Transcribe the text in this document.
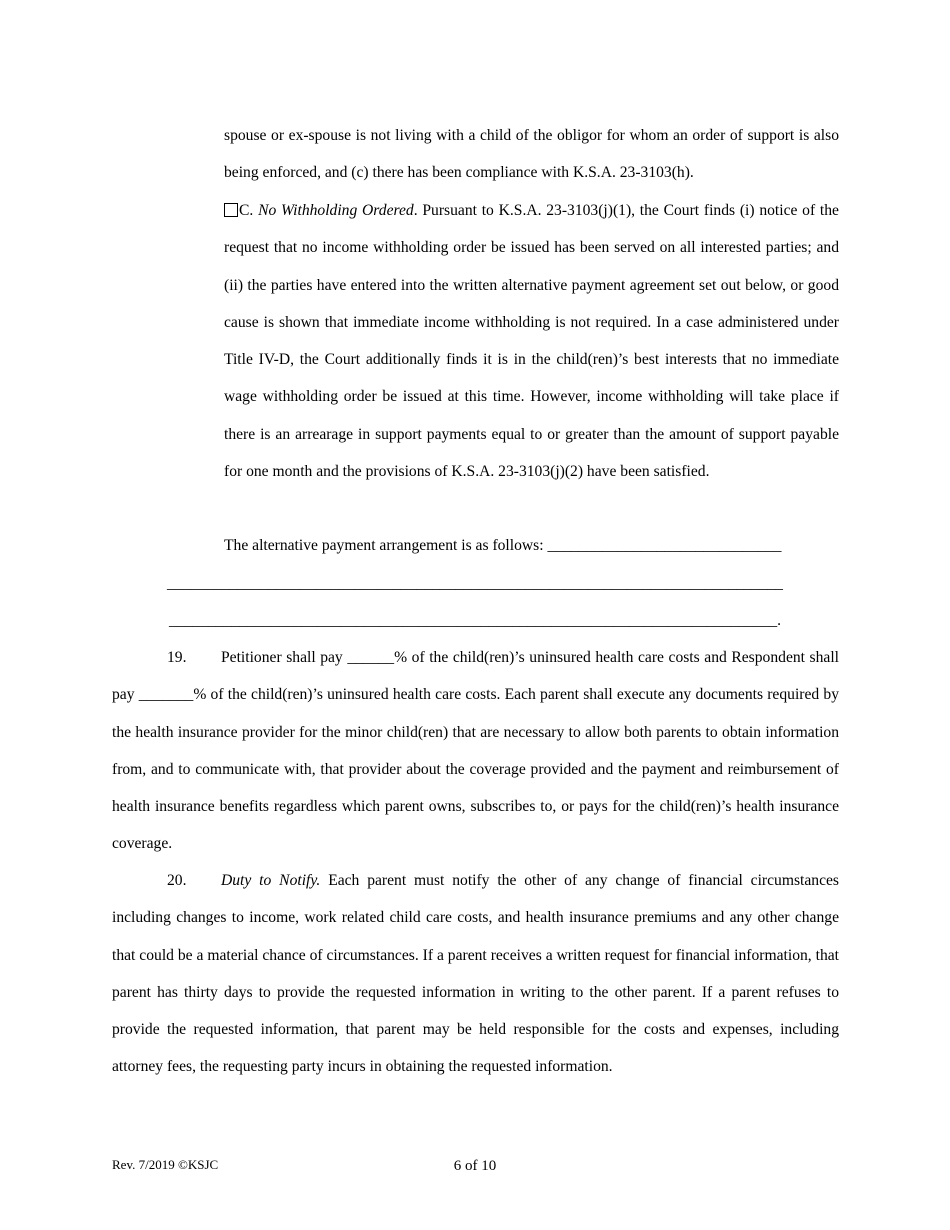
spouse or ex-spouse is not living with a child of the obligor for whom an order of support is also being enforced, and (c) there has been compliance with K.S.A. 23-3103(h).

C. No Withholding Ordered. Pursuant to K.S.A. 23-3103(j)(1), the Court finds (i) notice of the request that no income withholding order be issued has been served on all interested parties; and (ii) the parties have entered into the written alternative payment agreement set out below, or good cause is shown that immediate income withholding is not required. In a case administered under Title IV-D, the Court additionally finds it is in the child(ren)’s best interests that no immediate wage withholding order be issued at this time. However, income withholding will take place if there is an arrearage in support payments equal to or greater than the amount of support payable for one month and the provisions of K.S.A. 23-3103(j)(2) have been satisfied.

The alternative payment arrangement is as follows: ______________________________
_______________________________________________________________________________
______________________________________________________________________________.

19. Petitioner shall pay ______% of the child(ren)’s uninsured health care costs and Respondent shall pay _______% of the child(ren)’s uninsured health care costs. Each parent shall execute any documents required by the health insurance provider for the minor child(ren) that are necessary to allow both parents to obtain information from, and to communicate with, that provider about the coverage provided and the payment and reimbursement of health insurance benefits regardless which parent owns, subscribes to, or pays for the child(ren)’s health insurance coverage.

20. Duty to Notify. Each parent must notify the other of any change of financial circumstances including changes to income, work related child care costs, and health insurance premiums and any other change that could be a material chance of circumstances. If a parent receives a written request for financial information, that parent has thirty days to provide the requested information in writing to the other parent. If a parent refuses to provide the requested information, that parent may be held responsible for the costs and expenses, including attorney fees, the requesting party incurs in obtaining the requested information.

Rev. 7/2019 ©KSJC	6 of 10
